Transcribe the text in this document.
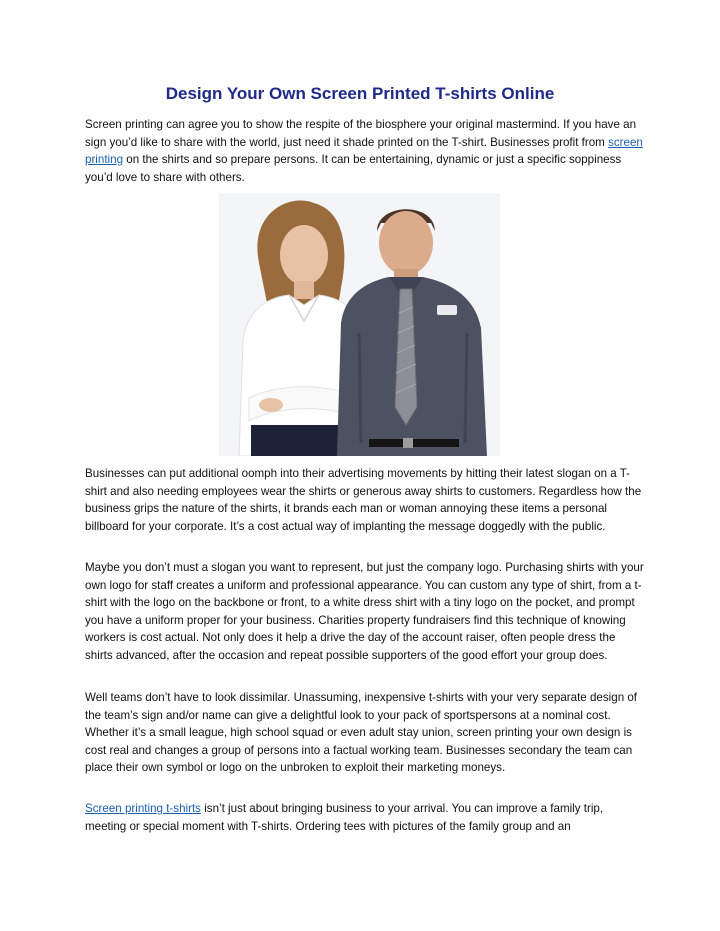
Design Your Own Screen Printed T-shirts Online

Screen printing can agree you to show the respite of the biosphere your original mastermind. If you have an sign you’d like to share with the world, just need it shade printed on the T-shirt. Businesses profit from screen printing on the shirts and so prepare persons. It can be entertaining, dynamic or just a specific soppiness you’d love to share with others.

Businesses can put additional oomph into their advertising movements by hitting their latest slogan on a T-shirt and also needing employees wear the shirts or generous away shirts to customers. Regardless how the business grips the nature of the shirts, it brands each man or woman annoying these items a personal billboard for your corporate. It’s a cost actual way of implanting the message doggedly with the public.

Maybe you don’t must a slogan you want to represent, but just the company logo. Purchasing shirts with your own logo for staff creates a uniform and professional appearance. You can custom any type of shirt, from a t-shirt with the logo on the backbone or front, to a white dress shirt with a tiny logo on the pocket, and prompt you have a uniform proper for your business. Charities property fundraisers find this technique of knowing workers is cost actual. Not only does it help a drive the day of the account raiser, often people dress the shirts advanced, after the occasion and repeat possible supporters of the good effort your group does.

Well teams don’t have to look dissimilar. Unassuming, inexpensive t-shirts with your very separate design of the team’s sign and/or name can give a delightful look to your pack of sportspersons at a nominal cost. Whether it’s a small league, high school squad or even adult stay union, screen printing your own design is cost real and changes a group of persons into a factual working team. Businesses secondary the team can place their own symbol or logo on the unbroken to exploit their marketing moneys.

Screen printing t-shirts isn’t just about bringing business to your arrival. You can improve a family trip, meeting or special moment with T-shirts. Ordering tees with pictures of the family group and an
